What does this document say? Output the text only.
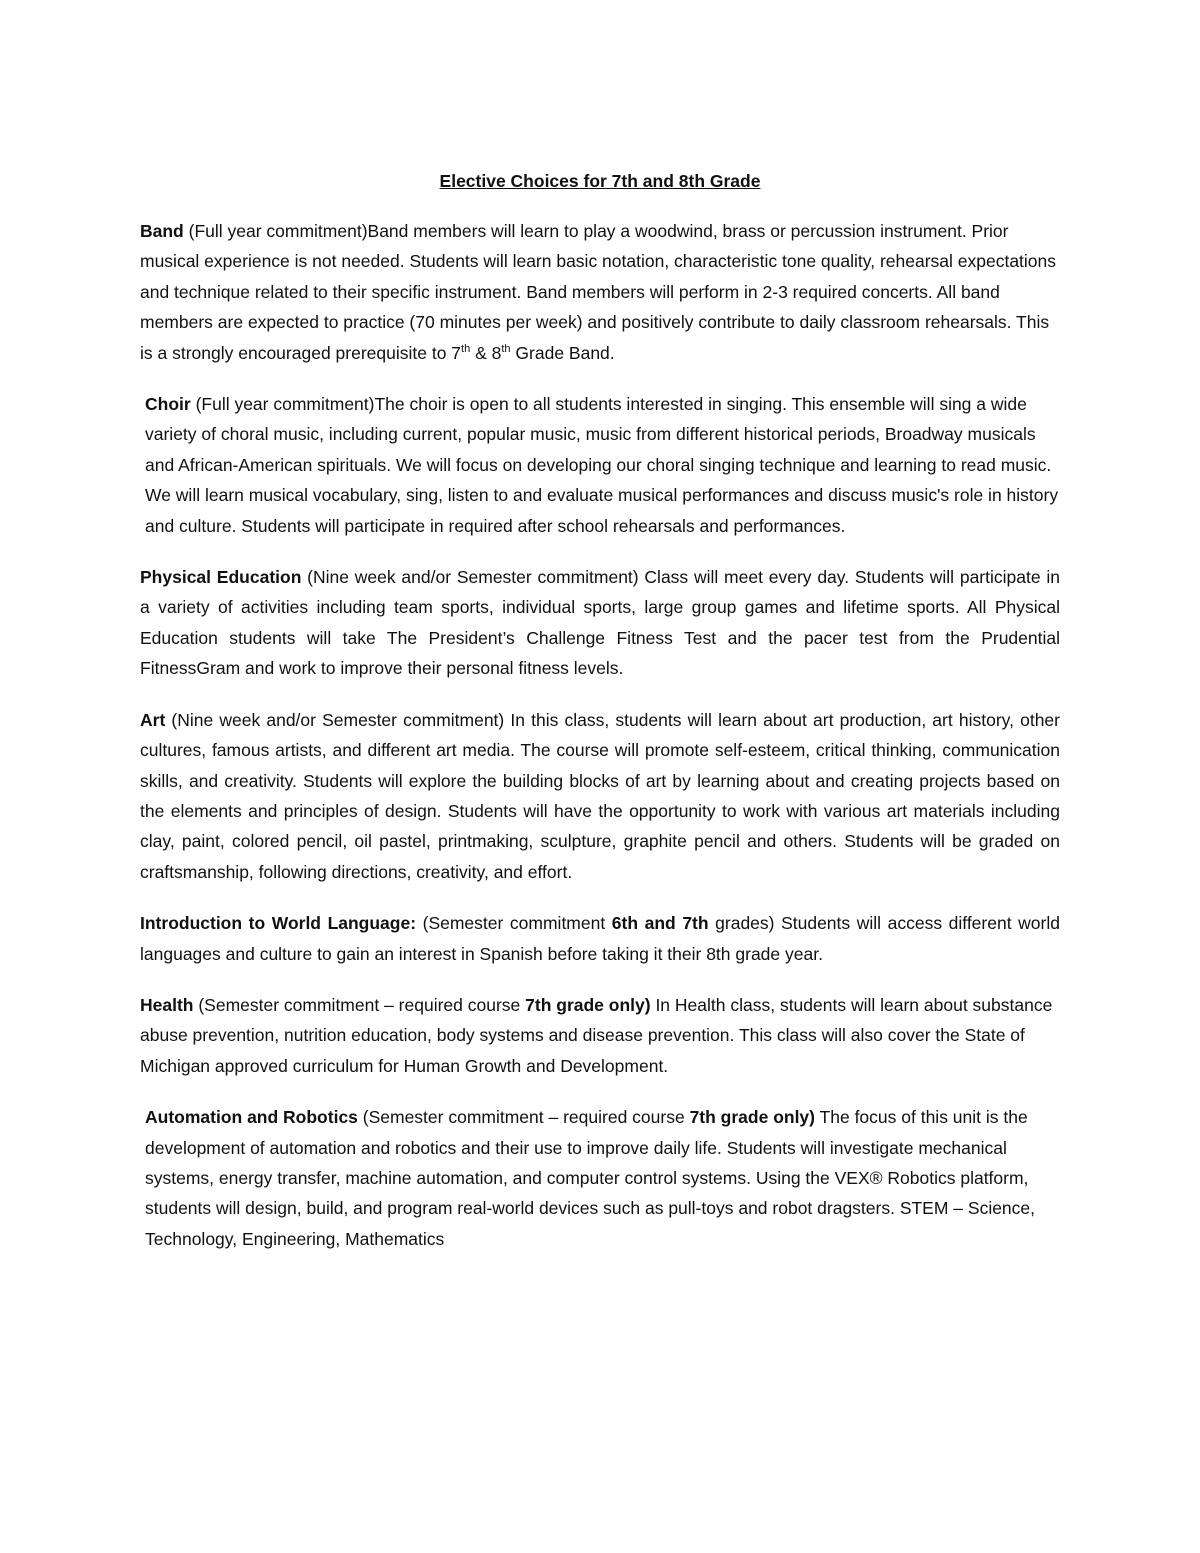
Elective Choices for 7th and 8th Grade

Band (Full year commitment)Band members will learn to play a woodwind, brass or percussion instrument. Prior musical experience is not needed. Students will learn basic notation, characteristic tone quality, rehearsal expectations and technique related to their specific instrument. Band members will perform in 2-3 required concerts. All band members are expected to practice (70 minutes per week) and positively contribute to daily classroom rehearsals. This is a strongly encouraged prerequisite to 7th & 8th Grade Band.

Choir (Full year commitment)The choir is open to all students interested in singing. This ensemble will sing a wide variety of choral music, including current, popular music, music from different historical periods, Broadway musicals and African-American spirituals. We will focus on developing our choral singing technique and learning to read music. We will learn musical vocabulary, sing, listen to and evaluate musical performances and discuss music's role in history and culture. Students will participate in required after school rehearsals and performances.

Physical Education (Nine week and/or Semester commitment) Class will meet every day. Students will participate in a variety of activities including team sports, individual sports, large group games and lifetime sports. All Physical Education students will take The President’s Challenge Fitness Test and the pacer test from the Prudential FitnessGram and work to improve their personal fitness levels.

Art (Nine week and/or Semester commitment) In this class, students will learn about art production, art history, other cultures, famous artists, and different art media. The course will promote self-esteem, critical thinking, communication skills, and creativity. Students will explore the building blocks of art by learning about and creating projects based on the elements and principles of design. Students will have the opportunity to work with various art materials including clay, paint, colored pencil, oil pastel, printmaking, sculpture, graphite pencil and others. Students will be graded on craftsmanship, following directions, creativity, and effort.

Introduction to World Language: (Semester commitment 6th and 7th grades) Students will access different world languages and culture to gain an interest in Spanish before taking it their 8th grade year.

Health (Semester commitment – required course 7th grade only) In Health class, students will learn about substance abuse prevention, nutrition education, body systems and disease prevention. This class will also cover the State of Michigan approved curriculum for Human Growth and Development.

Automation and Robotics (Semester commitment – required course 7th grade only) The focus of this unit is the development of automation and robotics and their use to improve daily life. Students will investigate mechanical systems, energy transfer, machine automation, and computer control systems. Using the VEX® Robotics platform, students will design, build, and program real-world devices such as pull-toys and robot dragsters. STEM – Science, Technology, Engineering, Mathematics
